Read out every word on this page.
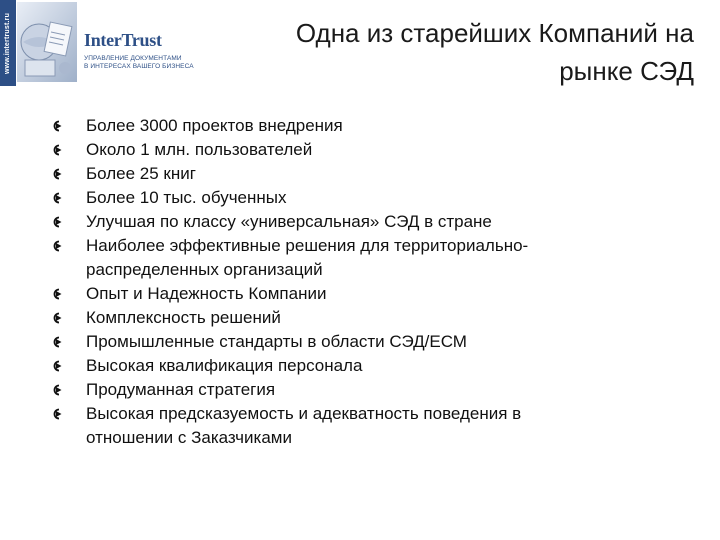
www.intertrust.ru	InterTrust
УПРАВЛЕНИЕ ДОКУМЕНТАМИ
В ИНТЕРЕСАХ ВАШЕГО БИЗНЕСА
Одна из старейших Компаний на
рынке СЭД
Более 3000 проектов внедрения
Около 1 млн. пользователей
Более 25 книг
Более 10 тыс. обученных
Улучшая по классу «универсальная» СЭД в стране
Наиболее эффективные решения для территориально-
распределенных организаций
Опыт и Надежность Компании
Комплексность решений
Промышленные стандарты в области СЭД/ЕСМ
Высокая квалификация персонала
Продуманная стратегия
Высокая предсказуемость и адекватность поведения в
отношении с Заказчиками
